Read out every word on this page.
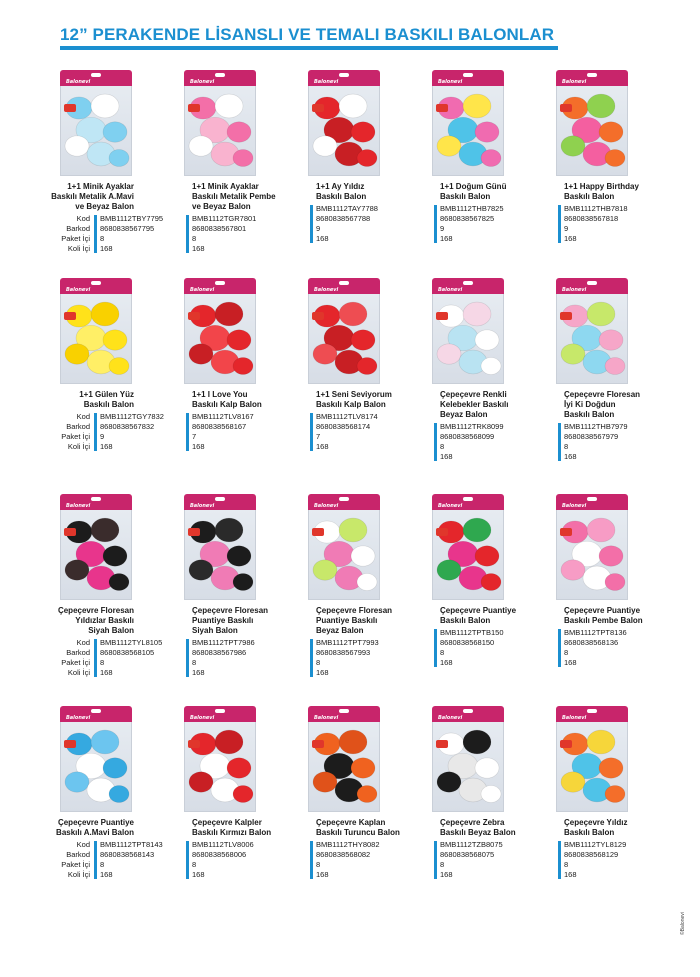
12” PERAKENDE LİSANSLI VE TEMALI BASKILI BALONLAR
Balonevi
1+1 Minik Ayaklar
Baskılı Metalik A.Mavi
ve Beyaz Balon
Kod
Barkod
Paket İçi
Koli İçi
BMB1112TBY7795
8680838567795
8
168
Balonevi
1+1 Minik Ayaklar
Baskılı Metalik Pembe
ve Beyaz Balon
BMB1112TGR7801
8680838567801
8
168
Balonevi
1+1 Ay Yıldız
Baskılı Balon
BMB1112TAY7788
8680838567788
9
168
Balonevi
1+1 Doğum Günü
Baskılı Balon
BMB1112THB7825
8680838567825
9
168
Balonevi
1+1 Happy Birthday
Baskılı Balon
BMB1112THB7818
8680838567818
9
168
Balonevi
1+1 Gülen Yüz
Baskılı Balon
Kod
Barkod
Paket İçi
Koli İçi
BMB1112TGY7832
8680838567832
9
168
Balonevi
1+1 I Love You
Baskılı Kalp Balon
BMB1112TLV8167
8680838568167
7
168
Balonevi
1+1 Seni Seviyorum
Baskılı Kalp Balon
BMB1112TLV8174
8680838568174
7
168
Balonevi
Çepeçevre Renkli
Kelebekler Baskılı
Beyaz Balon
BMB1112TRK8099
8680838568099
8
168
Balonevi
Çepeçevre Floresan
İyi Ki Doğdun
Baskılı Balon
BMB1112THB7979
8680838567979
8
168
Balonevi
Çepeçevre Floresan
Yıldızlar Baskılı
Siyah Balon
Kod
Barkod
Paket İçi
Koli İçi
BMB1112TYL8105
8680838568105
8
168
Balonevi
Çepeçevre Floresan
Puantiye Baskılı
Siyah Balon
BMB1112TPT7986
8680838567986
8
168
Balonevi
Çepeçevre Floresan
Puantiye Baskılı
Beyaz Balon
BMB1112TPT7993
8680838567993
8
168
Balonevi
Çepeçevre Puantiye
Baskılı Balon
BMB1112TPTB150
8680838568150
8
168
Balonevi
Çepeçevre Puantiye
Baskılı Pembe Balon
BMB1112TPT8136
8680838568136
8
168
Balonevi
Çepeçevre Puantiye
Baskılı A.Mavi Balon
Kod
Barkod
Paket İçi
Koli İçi
BMB1112TPT8143
8680838568143
8
168
Balonevi
Çepeçevre Kalpler
Baskılı Kırmızı Balon
BMB1112TLV8006
8680838568006
8
168
Balonevi
Çepeçevre Kaplan
Baskılı Turuncu Balon
BMB1112THY8082
8680838568082
8
168
Balonevi
Çepeçevre Zebra
Baskılı Beyaz Balon
BMB1112TZB8075
8680838568075
8
168
Balonevi
Çepeçevre Yıldız
Baskılı Balon
BMB1112TYL8129
8680838568129
8
168
©Balonevi
